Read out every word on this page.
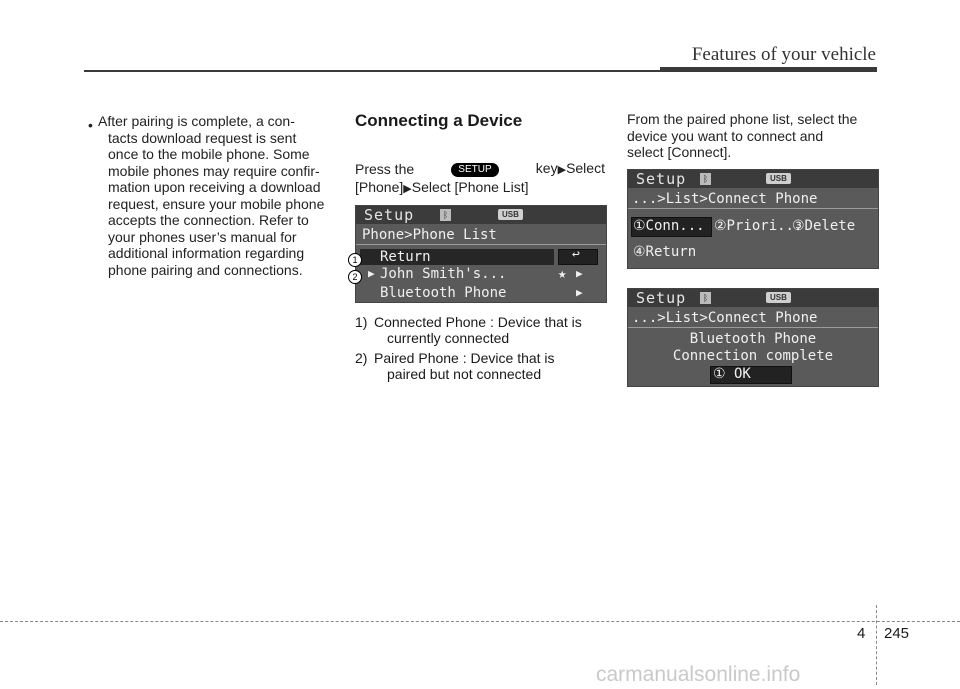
Features of your vehicle
• After pairing is complete, a con-
tacts download request is sent
once to the mobile phone. Some
mobile phones may require confir-
mation upon receiving a download
request, ensure your mobile phone
accepts the connection. Refer to
your phones user’s manual for
additional information regarding
phone pairing and connections.
Connecting a Device
Press the	SETUP	key▶Select
[Phone]▶Select [Phone List]
Setup	ᛒ	USB
Phone>Phone List
Return	↩
▶ John Smith's...	★ ▶
Bluetooth Phone	▶
1
2
1) Connected Phone : Device that is
currently connected
2) Paired Phone : Device that is
paired but not connected
From the paired phone list, select the
device you want to connect and
select [Connect].
Setup	ᛒ	USB
...>List>Connect Phone
①Conn... ②Priori...
③Delete
④Return
Setup	ᛒ	USB
...>List>Connect Phone
Bluetooth Phone
Connection complete
① OK
4 245
carmanualsonline.info
